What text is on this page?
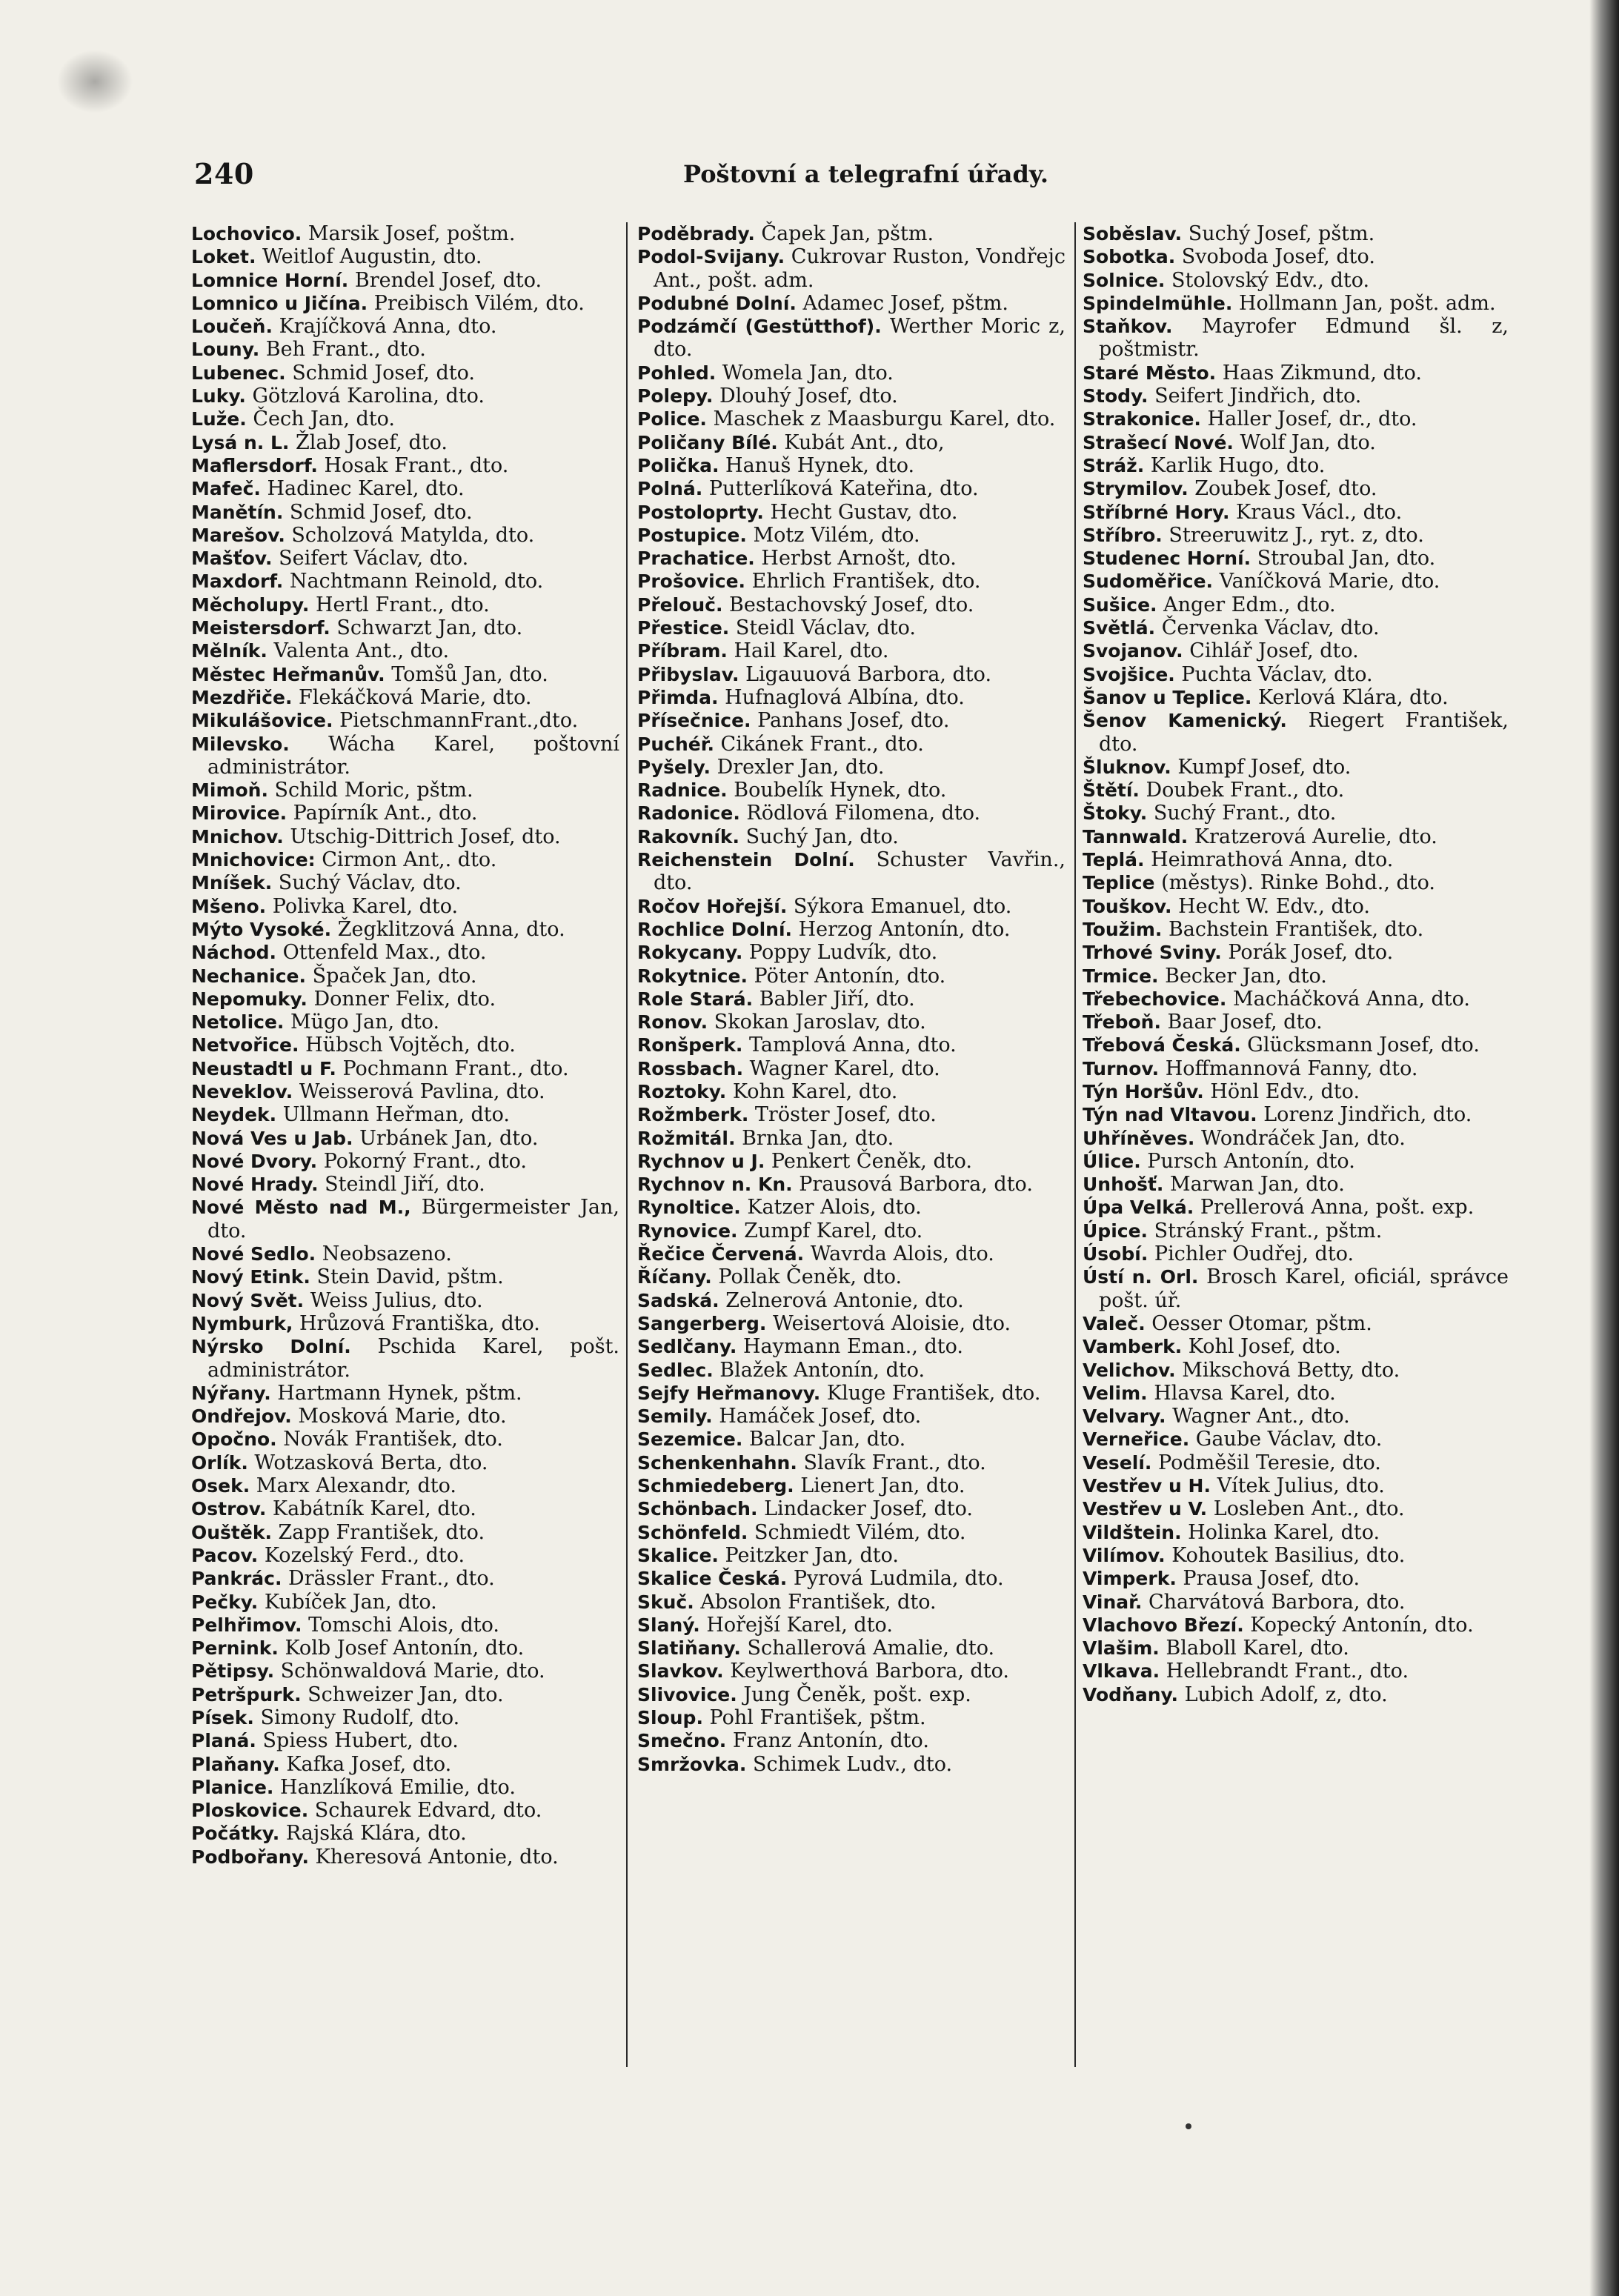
240	Poštovní a telegrafní úřady.
Lochovico. Marsik Josef, poštm.
Loket. Weitlof Augustin, dto.
Lomnice Horní. Brendel Josef, dto.
Lomnico u Jičína. Preibisch Vilém, dto.
Loučeň. Krajíčková Anna, dto.
Louny. Beh Frant., dto.
Lubenec. Schmid Josef, dto.
Luky. Götzlová Karolina, dto.
Luže. Čech Jan, dto.
Lysá n. L. Žlab Josef, dto.
Maflersdorf. Hosak Frant., dto.
Mafeč. Hadinec Karel, dto.
Manětín. Schmid Josef, dto.
Marešov. Scholzová Matylda, dto.
Mašťov. Seifert Václav, dto.
Maxdorf. Nachtmann Reinold, dto.
Měcholupy. Hertl Frant., dto.
Meistersdorf. Schwarzt Jan, dto.
Mělník. Valenta Ant., dto.
Městec Heřmanův. Tomšů Jan, dto.
Mezdřiče. Flekáčková Marie, dto.
Mikulášovice. PietschmannFrant.,dto.
Milevsko. Wácha Karel, poštovní administrátor.
Mimoň. Schild Moric, pštm.
Mirovice. Papírník Ant., dto.
Mnichov. Utschig-Dittrich Josef, dto.
Mnichovice: Cirmon Ant,. dto.
Mníšek. Suchý Václav, dto.
Mšeno. Polivka Karel, dto.
Mýto Vysoké. Žegklitzová Anna, dto.
Náchod. Ottenfeld Max., dto.
Nechanice. Špaček Jan, dto.
Nepomuky. Donner Felix, dto.
Netolice. Mügo Jan, dto.
Netvořice. Hübsch Vojtěch, dto.
Neustadtl u F. Pochmann Frant., dto.
Neveklov. Weisserová Pavlina, dto.
Neydek. Ullmann Heřman, dto.
Nová Ves u Jab. Urbánek Jan, dto.
Nové Dvory. Pokorný Frant., dto.
Nové Hrady. Steindl Jiří, dto.
Nové Město nad M., Bürgermeister Jan, dto.
Nové Sedlo. Neobsazeno.
Nový Etink. Stein David, pštm.
Nový Svět. Weiss Julius, dto.
Nymburk, Hrůzová Františka, dto.
Nýrsko Dolní. Pschida Karel, pošt. administrátor.
Nýřany. Hartmann Hynek, pštm.
Ondřejov. Mosková Marie, dto.
Opočno. Novák František, dto.
Orlík. Wotzasková Berta, dto.
Osek. Marx Alexandr, dto.
Ostrov. Kabátník Karel, dto.
Ouštěk. Zapp František, dto.
Pacov. Kozelský Ferd., dto.
Pankrác. Drässler Frant., dto.
Pečky. Kubíček Jan, dto.
Pelhřimov. Tomschi Alois, dto.
Pernink. Kolb Josef Antonín, dto.
Pětipsy. Schönwaldová Marie, dto.
Petršpurk. Schweizer Jan, dto.
Písek. Simony Rudolf, dto.
Planá. Spiess Hubert, dto.
Plaňany. Kafka Josef, dto.
Planice. Hanzlíková Emilie, dto.
Ploskovice. Schaurek Edvard, dto.
Počátky. Rajská Klára, dto.
Podbořany. Kheresová Antonie, dto.
Poděbrady. Čapek Jan, pštm.
Podol-Svijany. Cukrovar Ruston, Vondřejc Ant., pošt. adm.
Podubné Dolní. Adamec Josef, pštm.
Podzámčí (Gestütthof). Werther Moric z, dto.
Pohled. Womela Jan, dto.
Polepy. Dlouhý Josef, dto.
Police. Maschek z Maasburgu Karel, dto.
Poličany Bílé. Kubát Ant., dto,
Polička. Hanuš Hynek, dto.
Polná. Putterlíková Kateřina, dto.
Postoloprty. Hecht Gustav, dto.
Postupice. Motz Vilém, dto.
Prachatice. Herbst Arnošt, dto.
Prošovice. Ehrlich František, dto.
Přelouč. Bestachovský Josef, dto.
Přestice. Steidl Václav, dto.
Příbram. Hail Karel, dto.
Přibyslav. Ligauuová Barbora, dto.
Přimda. Hufnaglová Albína, dto.
Přísečnice. Panhans Josef, dto.
Puchéř. Cikánek Frant., dto.
Pyšely. Drexler Jan, dto.
Radnice. Boubelík Hynek, dto.
Radonice. Rödlová Filomena, dto.
Rakovník. Suchý Jan, dto.
Reichenstein Dolní. Schuster Vavřin., dto.
Ročov Hořejší. Sýkora Emanuel, dto.
Rochlice Dolní. Herzog Antonín, dto.
Rokycany. Poppy Ludvík, dto.
Rokytnice. Pöter Antonín, dto.
Role Stará. Babler Jiří, dto.
Ronov. Skokan Jaroslav, dto.
Ronšperk. Tamplová Anna, dto.
Rossbach. Wagner Karel, dto.
Roztoky. Kohn Karel, dto.
Rožmberk. Tröster Josef, dto.
Rožmitál. Brnka Jan, dto.
Rychnov u J. Penkert Čeněk, dto.
Rychnov n. Kn. Prausová Barbora, dto.
Rynoltice. Katzer Alois, dto.
Rynovice. Zumpf Karel, dto.
Řečice Červená. Wavrda Alois, dto.
Říčany. Pollak Čeněk, dto.
Sadská. Zelnerová Antonie, dto.
Sangerberg. Weisertová Aloisie, dto.
Sedlčany. Haymann Eman., dto.
Sedlec. Blažek Antonín, dto.
Sejfy Heřmanovy. Kluge František, dto.
Semily. Hamáček Josef, dto.
Sezemice. Balcar Jan, dto.
Schenkenhahn. Slavík Frant., dto.
Schmiedeberg. Lienert Jan, dto.
Schönbach. Lindacker Josef, dto.
Schönfeld. Schmiedt Vilém, dto.
Skalice. Peitzker Jan, dto.
Skalice Česká. Pyrová Ludmila, dto.
Skuč. Absolon František, dto.
Slaný. Hořejší Karel, dto.
Slatiňany. Schallerová Amalie, dto.
Slavkov. Keylwerthová Barbora, dto.
Slivovice. Jung Čeněk, pošt. exp.
Sloup. Pohl František, pštm.
Smečno. Franz Antonín, dto.
Smržovka. Schimek Ludv., dto.
Soběslav. Suchý Josef, pštm.
Sobotka. Svoboda Josef, dto.
Solnice. Stolovský Edv., dto.
Spindelmühle. Hollmann Jan, pošt. adm.
Staňkov. Mayrofer Edmund šl. z, poštmistr.
Staré Město. Haas Zikmund, dto.
Stody. Seifert Jindřich, dto.
Strakonice. Haller Josef, dr., dto.
Strašecí Nové. Wolf Jan, dto.
Stráž. Karlik Hugo, dto.
Strymilov. Zoubek Josef, dto.
Stříbrné Hory. Kraus Václ., dto.
Stříbro. Streeruwitz J., ryt. z, dto.
Studenec Horní. Stroubal Jan, dto.
Sudoměřice. Vaníčková Marie, dto.
Sušice. Anger Edm., dto.
Světlá. Červenka Václav, dto.
Svojanov. Cihlář Josef, dto.
Svojšice. Puchta Václav, dto.
Šanov u Teplice. Kerlová Klára, dto.
Šenov Kamenický. Riegert František, dto.
Šluknov. Kumpf Josef, dto.
Štětí. Doubek Frant., dto.
Štoky. Suchý Frant., dto.
Tannwald. Kratzerová Aurelie, dto.
Teplá. Heimrathová Anna, dto.
Teplice (městys). Rinke Bohd., dto.
Touškov. Hecht W. Edv., dto.
Toužim. Bachstein František, dto.
Trhové Sviny. Porák Josef, dto.
Trmice. Becker Jan, dto.
Třebechovice. Macháčková Anna, dto.
Třeboň. Baar Josef, dto.
Třebová Česká. Glücksmann Josef, dto.
Turnov. Hoffmannová Fanny, dto.
Týn Horšův. Hönl Edv., dto.
Týn nad Vltavou. Lorenz Jindřich, dto.
Uhříněves. Wondráček Jan, dto.
Úlice. Pursch Antonín, dto.
Unhošť. Marwan Jan, dto.
Úpa Velká. Prellerová Anna, pošt. exp.
Úpice. Stránský Frant., pštm.
Úsobí. Pichler Oudřej, dto.
Ústí n. Orl. Brosch Karel, oficiál, správce pošt. úř.
Valeč. Oesser Otomar, pštm.
Vamberk. Kohl Josef, dto.
Velichov. Mikschová Betty, dto.
Velim. Hlavsa Karel, dto.
Velvary. Wagner Ant., dto.
Verneřice. Gaube Václav, dto.
Veselí. Podměšil Teresie, dto.
Vestřev u H. Vítek Julius, dto.
Vestřev u V. Losleben Ant., dto.
Vildštein. Holinka Karel, dto.
Vilímov. Kohoutek Basilius, dto.
Vimperk. Prausa Josef, dto.
Vinař. Charvátová Barbora, dto.
Vlachovo Březí. Kopecký Antonín, dto.
Vlašim. Blaboll Karel, dto.
Vlkava. Hellebrandt Frant., dto.
Vodňany. Lubich Adolf, z, dto.
